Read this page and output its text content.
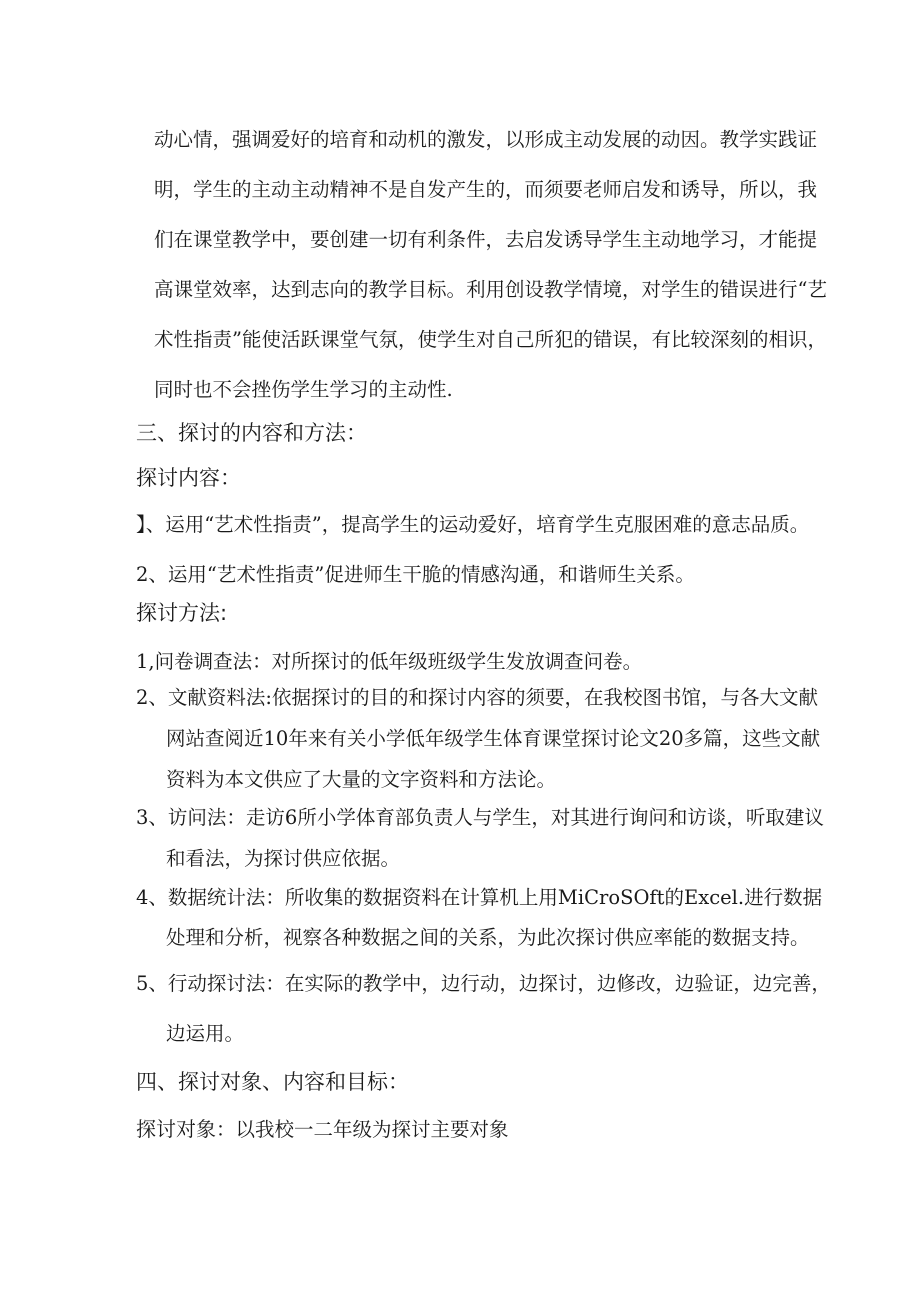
动心情，强调爱好的培育和动机的激发，以形成主动发展的动因。教学实践证
明，学生的主动主动精神不是自发产生的，而须要老师启发和诱导，所以，我
们在课堂教学中，要创建一切有利条件，去启发诱导学生主动地学习，才能提
高课堂效率，达到志向的教学目标。利用创设教学情境，对学生的错误进行“艺
术性指责”能使活跃课堂气氛，使学生对自己所犯的错误，有比较深刻的相识，
同时也不会挫伤学生学习的主动性.
三、探讨的内容和方法：
探讨内容：
】、运用“艺术性指责”，提高学生的运动爱好，培育学生克服困难的意志品质。
2、运用“艺术性指责”促进师生干脆的情感沟通，和谐师生关系。
探讨方法:
1,问卷调查法：对所探讨的低年级班级学生发放调查问卷。
2、文献资料法:依据探讨的目的和探讨内容的须要，在我校图书馆，与各大文献
网站查阅近10年来有关小学低年级学生体育课堂探讨论文20多篇，这些文献
资料为本文供应了大量的文字资料和方法论。
3、访问法：走访6所小学体育部负责人与学生，对其进行询问和访谈，听取建议
和看法，为探讨供应依据。
4、数据统计法：所收集的数据资料在计算机上用MiCroSOft的Excel.进行数据
处理和分析，视察各种数据之间的关系，为此次探讨供应率能的数据支持。
5、行动探讨法：在实际的教学中，边行动，边探讨，边修改，边验证，边完善，
边运用。
四、探讨对象、内容和目标：
探讨对象：以我校一二年级为探讨主要对象
